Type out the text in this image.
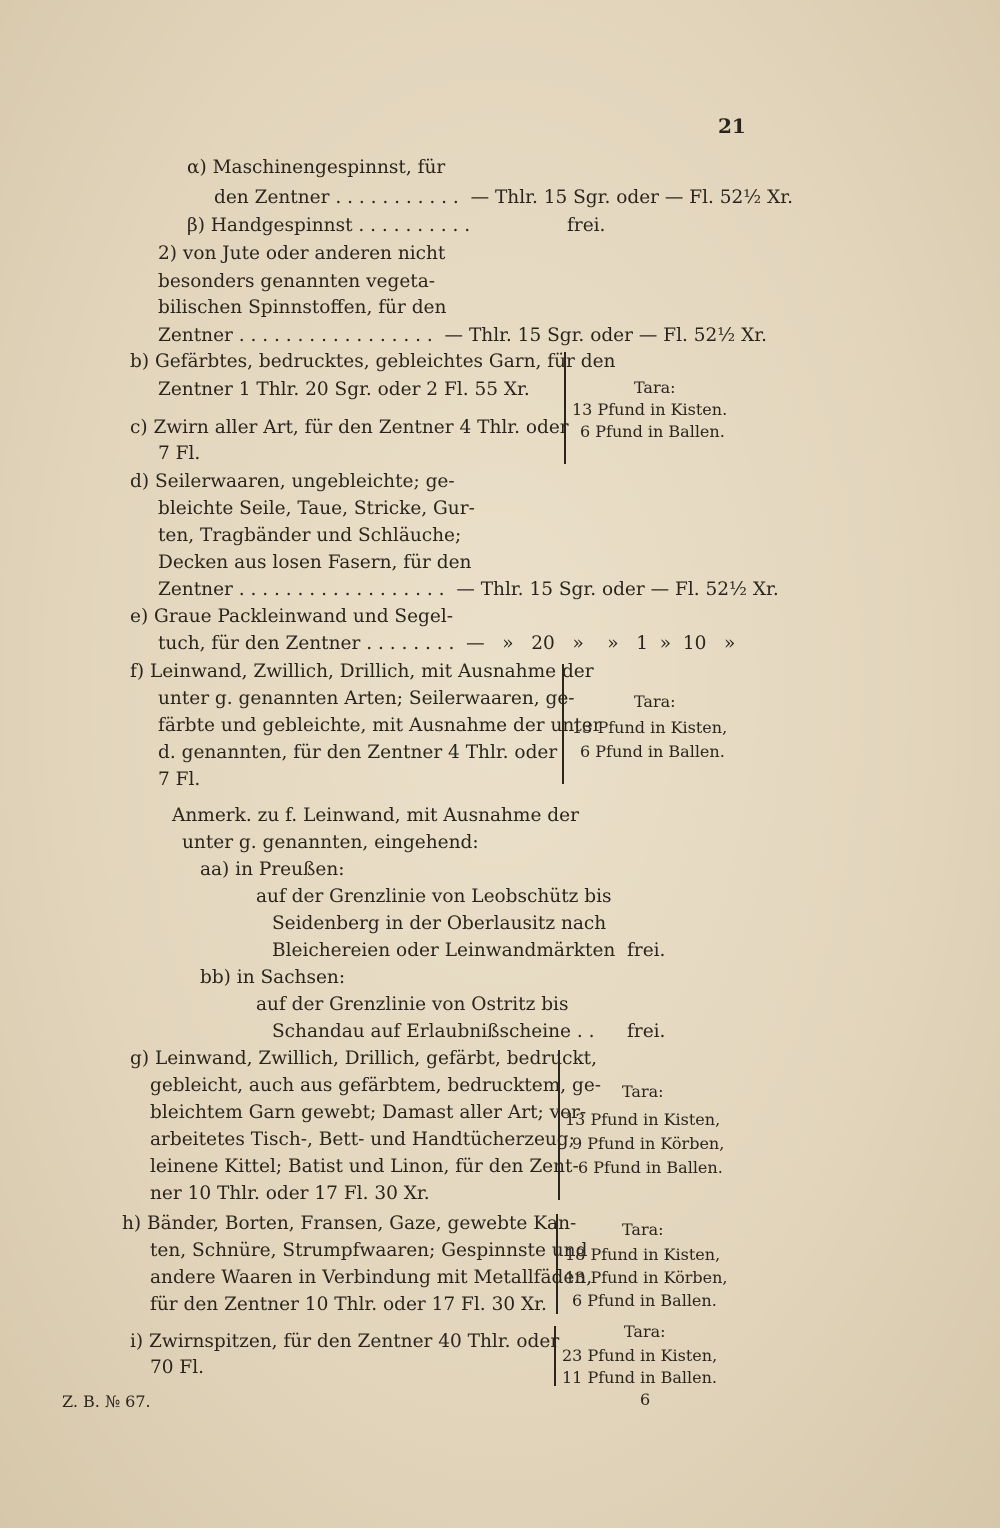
21
α) Maschinengespinnst, für
den Zentner . . . . . . . . . . .  — Thlr. 15 Sgr. oder — Fl. 52½ Xr.
β) Handgespinnst . . . . . . . . . .	frei.
2) von Jute oder anderen nicht
besonders genannten vegeta-
bilischen Spinnstoffen, für den
Zentner . . . . . . . . . . . . . . . . .  — Thlr. 15 Sgr. oder — Fl. 52½ Xr.
b) Gefärbtes, bedrucktes, gebleichtes Garn, für den
Zentner 1 Thlr. 20 Sgr. oder 2 Fl. 55 Xr.
c) Zwirn aller Art, für den Zentner 4 Thlr. oder
7 Fl.
Tara:
13 Pfund in Kisten.
6 Pfund in Ballen.
d) Seilerwaaren, ungebleichte; ge-
bleichte Seile, Taue, Stricke, Gur-
ten, Tragbänder und Schläuche;
Decken aus losen Fasern, für den
Zentner . . . . . . . . . . . . . . . . . .  — Thlr. 15 Sgr. oder — Fl. 52½ Xr.
e) Graue Packleinwand und Segel-
tuch, für den Zentner . . . . . . . .  —   »   20   »    »   1  »  10   »
f) Leinwand, Zwillich, Drillich, mit Ausnahme der
unter g. genannten Arten; Seilerwaaren, ge-
färbte und gebleichte, mit Ausnahme der unter
d. genannten, für den Zentner 4 Thlr. oder
7 Fl.
Tara:
13 Pfund in Kisten,
6 Pfund in Ballen.
Anmerk. zu f. Leinwand, mit Ausnahme der
unter g. genannten, eingehend:
aa) in Preußen:
auf der Grenzlinie von Leobschütz bis
Seidenberg in der Oberlausitz nach
Bleichereien oder Leinwandmärkten frei.
bb) in Sachsen:
auf der Grenzlinie von Ostritz bis
Schandau auf Erlaubnißscheine . . frei.
g) Leinwand, Zwillich, Drillich, gefärbt, bedruckt,
gebleicht, auch aus gefärbtem, bedrucktem, ge-
bleichtem Garn gewebt; Damast aller Art; ver-
arbeitetes Tisch-, Bett- und Handtücherzeug;
leinene Kittel; Batist und Linon, für den Zent-
ner 10 Thlr. oder 17 Fl. 30 Xr.
Tara:
13 Pfund in Kisten,
9 Pfund in Körben,
6 Pfund in Ballen.
h) Bänder, Borten, Fransen, Gaze, gewebte Kan-
ten, Schnüre, Strumpfwaaren; Gespinnste und
andere Waaren in Verbindung mit Metallfäden,
für den Zentner 10 Thlr. oder 17 Fl. 30 Xr.
Tara:
18 Pfund in Kisten,
13 Pfund in Körben,
6 Pfund in Ballen.
i) Zwirnspitzen, für den Zentner 40 Thlr. oder
70 Fl.
Tara:
23 Pfund in Kisten,
11 Pfund in Ballen.
Z. B. № 67.	6
